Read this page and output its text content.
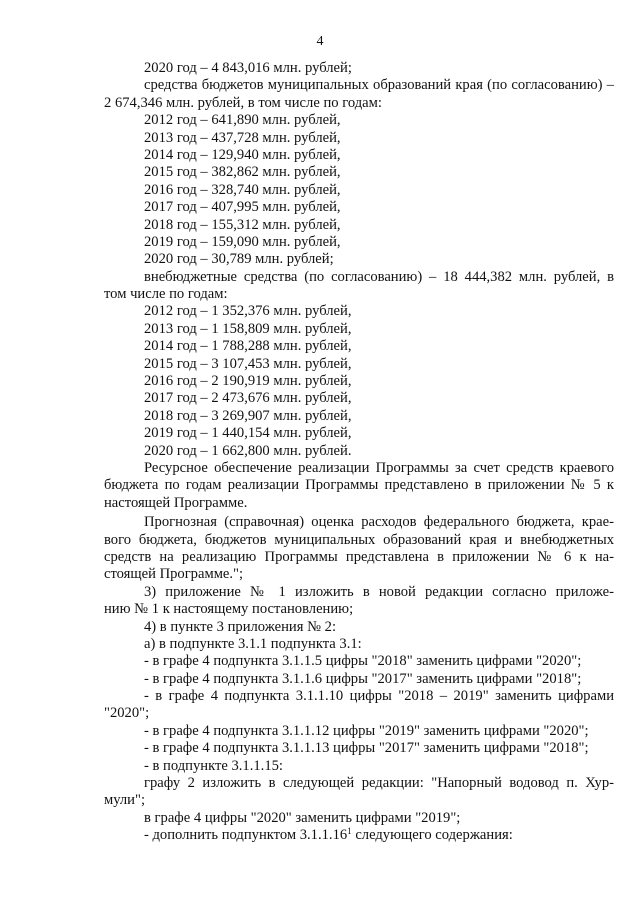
4
2020 год – 4 843,016 млн. рублей;
средства бюджетов муниципальных образований края (по согласованию) –
2 674,346 млн. рублей, в том числе по годам:
2012 год – 641,890 млн. рублей,
2013 год – 437,728 млн. рублей,
2014 год – 129,940 млн. рублей,
2015 год – 382,862 млн. рублей,
2016 год – 328,740 млн. рублей,
2017 год – 407,995 млн. рублей,
2018 год – 155,312 млн. рублей,
2019 год – 159,090 млн. рублей,
2020 год – 30,789 млн. рублей;
внебюджетные средства (по согласованию) – 18 444,382 млн. рублей, в
том числе по годам:
2012 год – 1 352,376 млн. рублей,
2013 год – 1 158,809 млн. рублей,
2014 год – 1 788,288 млн. рублей,
2015 год – 3 107,453 млн. рублей,
2016 год – 2 190,919 млн. рублей,
2017 год – 2 473,676 млн. рублей,
2018 год – 3 269,907 млн. рублей,
2019 год – 1 440,154 млн. рублей,
2020 год – 1 662,800 млн. рублей.
Ресурсное обеспечение реализации Программы за счет средств краевого
бюджета по годам реализации Программы представлено в приложении № 5 к
настоящей Программе.
Прогнозная (справочная) оценка расходов федерального бюджета, крае-
вого бюджета, бюджетов муниципальных образований края и внебюджетных
средств на реализацию Программы представлена в приложении № 6 к на-
стоящей Программе.";
3) приложение № 1 изложить в новой редакции согласно приложе-
нию № 1 к настоящему постановлению;
4) в пункте 3 приложения № 2:
а) в подпункте 3.1.1 подпункта 3.1:
- в графе 4 подпункта 3.1.1.5 цифры "2018" заменить цифрами "2020";
- в графе 4 подпункта 3.1.1.6 цифры "2017" заменить цифрами "2018";
- в графе 4 подпункта 3.1.1.10 цифры "2018 – 2019" заменить цифрами
"2020";
- в графе 4 подпункта 3.1.1.12 цифры "2019" заменить цифрами "2020";
- в графе 4 подпункта 3.1.1.13 цифры "2017" заменить цифрами "2018";
- в подпункте 3.1.1.15:
графу 2 изложить в следующей редакции: "Напорный водовод п. Хур-
мули";
в графе 4 цифры "2020" заменить цифрами "2019";
- дополнить подпунктом 3.1.1.16$^1$ следующего содержания:
